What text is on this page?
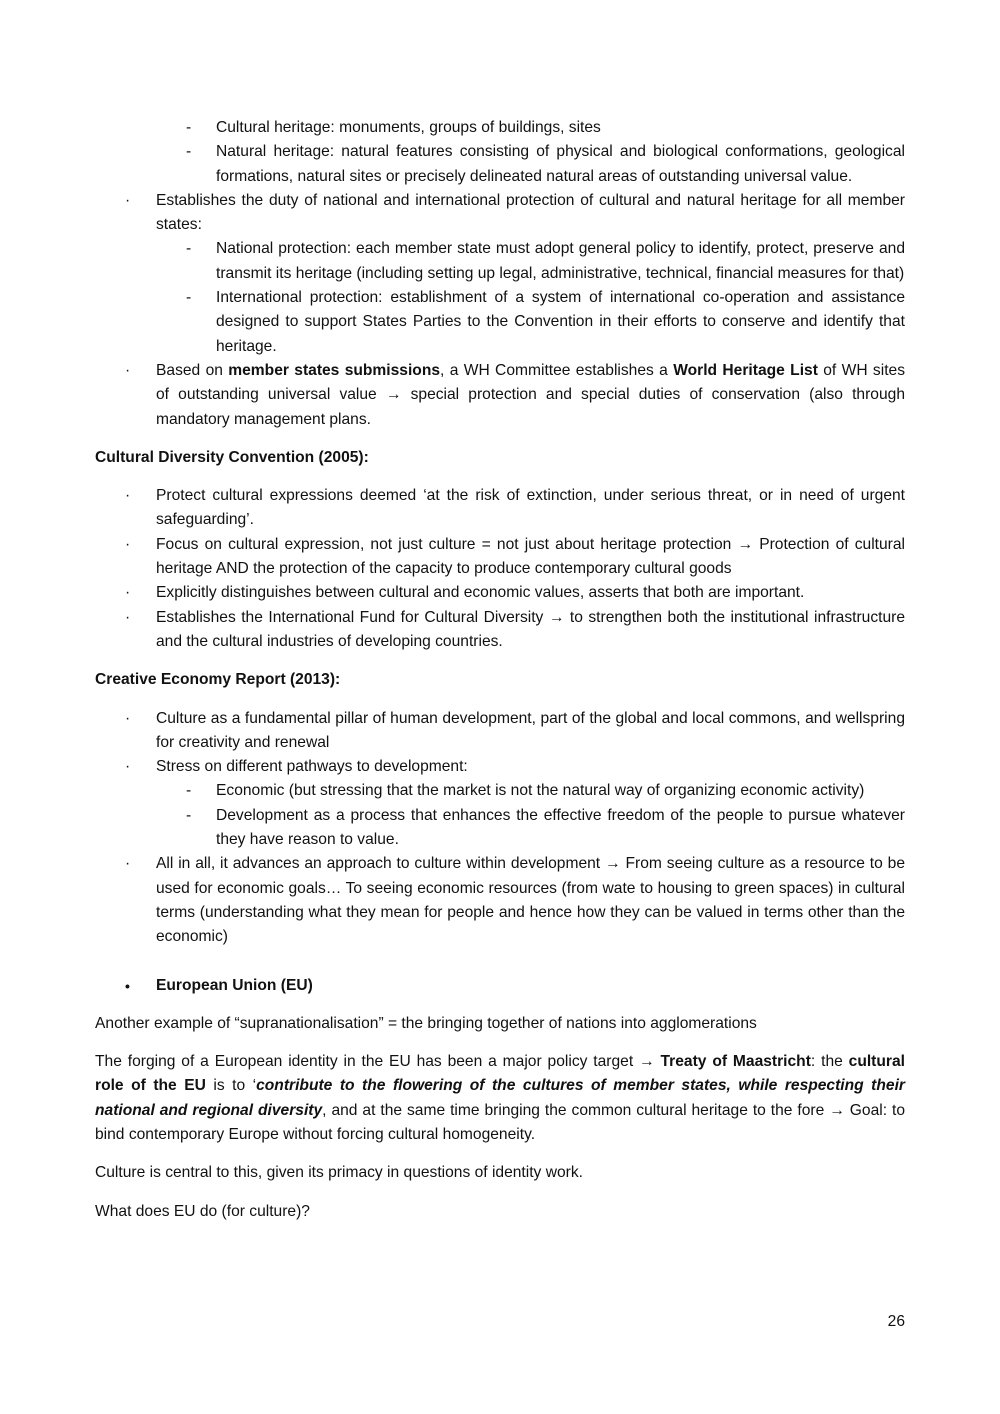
- Cultural heritage: monuments, groups of buildings, sites
- Natural heritage: natural features consisting of physical and biological conformations, geological formations, natural sites or precisely delineated natural areas of outstanding universal value.
· Establishes the duty of national and international protection of cultural and natural heritage for all member states:
- National protection: each member state must adopt general policy to identify, protect, preserve and transmit its heritage (including setting up legal, administrative, technical, financial measures for that)
- International protection: establishment of a system of international co-operation and assistance designed to support States Parties to the Convention in their efforts to conserve and identify that heritage.
· Based on member states submissions, a WH Committee establishes a World Heritage List of WH sites of outstanding universal value → special protection and special duties of conservation (also through mandatory management plans.
Cultural Diversity Convention (2005):
· Protect cultural expressions deemed ‘at the risk of extinction, under serious threat, or in need of urgent safeguarding’.
· Focus on cultural expression, not just culture = not just about heritage protection → Protection of cultural heritage AND the protection of the capacity to produce contemporary cultural goods
· Explicitly distinguishes between cultural and economic values, asserts that both are important.
· Establishes the International Fund for Cultural Diversity → to strengthen both the institutional infrastructure and the cultural industries of developing countries.
Creative Economy Report (2013):
· Culture as a fundamental pillar of human development, part of the global and local commons, and wellspring for creativity and renewal
· Stress on different pathways to development:
- Economic (but stressing that the market is not the natural way of organizing economic activity)
- Development as a process that enhances the effective freedom of the people to pursue whatever they have reason to value.
· All in all, it advances an approach to culture within development → From seeing culture as a resource to be used for economic goals… To seeing economic resources (from wate to housing to green spaces) in cultural terms (understanding what they mean for people and hence how they can be valued in terms other than the economic)
• European Union (EU)

Another example of “supranationalisation” = the bringing together of nations into agglomerations

The forging of a European identity in the EU has been a major policy target → Treaty of Maastricht: the cultural role of the EU is to ‘contribute to the flowering of the cultures of member states, while respecting their national and regional diversity, and at the same time bringing the common cultural heritage to the fore → Goal: to bind contemporary Europe without forcing cultural homogeneity.

Culture is central to this, given its primacy in questions of identity work.

What does EU do (for culture)?

26
